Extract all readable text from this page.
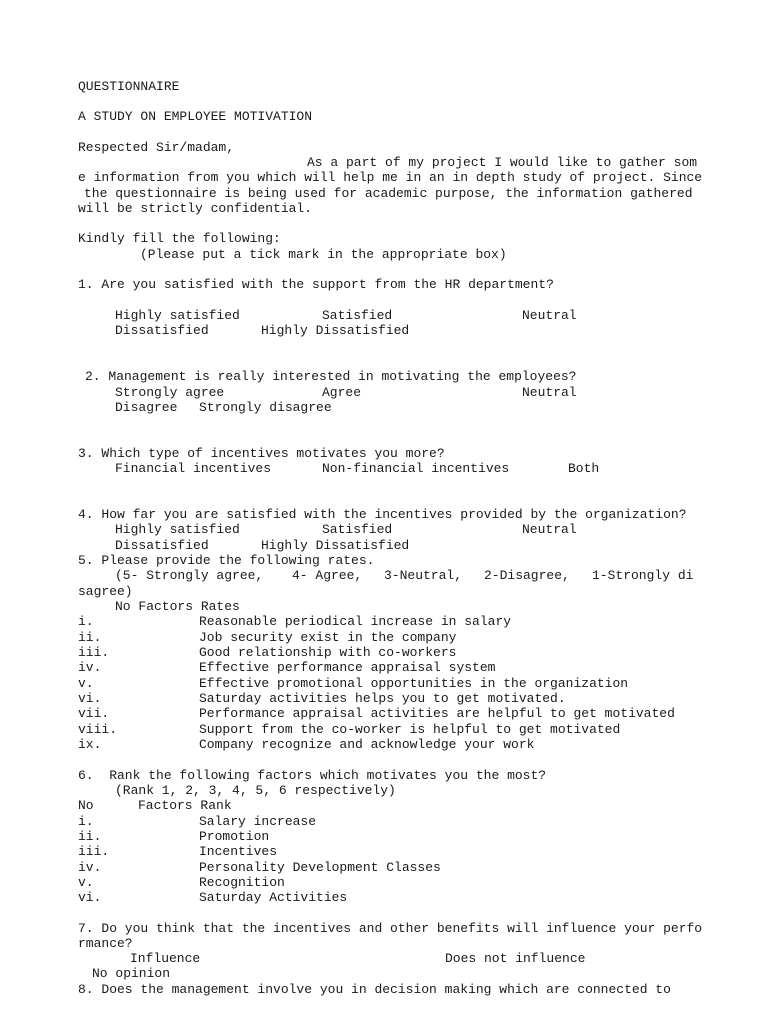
QUESTIONNAIRE
A STUDY ON EMPLOYEE MOTIVATION
Respected Sir/madam,
As a part of my project I would like to gather som
e information from you which will help me in an in depth study of project. Since
the questionnaire is being used for academic purpose, the information gathered
will be strictly confidential.
Kindly fill the following:
(Please put a tick mark in the appropriate box)
1. Are you satisfied with the support from the HR department?
Highly satisfied	Satisfied	Neutral
Dissatisfied	Highly Dissatisfied
2. Management is really interested in motivating the employees?
Strongly agree	Agree	Neutral
Disagree Strongly disagree
3. Which type of incentives motivates you more?
Financial incentives	Non-financial incentives	Both
4. How far you are satisfied with the incentives provided by the organization?
Highly satisfied	Satisfied	Neutral
Dissatisfied	Highly Dissatisfied
5. Please provide the following rates.
(5- Strongly agree, 4- Agree, 3-Neutral, 2-Disagree, 1-Strongly di
sagree)
No Factors Rates
i.	Reasonable periodical increase in salary
ii.	Job security exist in the company
iii.	Good relationship with co-workers
iv.	Effective performance appraisal system
v.	Effective promotional opportunities in the organization
vi.	Saturday activities helps you to get motivated.
vii.	Performance appraisal activities are helpful to get motivated
viii.	Support from the co-worker is helpful to get motivated
ix.	Company recognize and acknowledge your work
6.  Rank the following factors which motivates you the most?
(Rank 1, 2, 3, 4, 5, 6 respectively)
No	Factors Rank
i.	Salary increase
ii.	Promotion
iii.	Incentives
iv.	Personality Development Classes
v.	Recognition
vi.	Saturday Activities
7. Do you think that the incentives and other benefits will influence your perfo
rmance?
Influence	Does not influence
No opinion
8. Does the management involve you in decision making which are connected to
